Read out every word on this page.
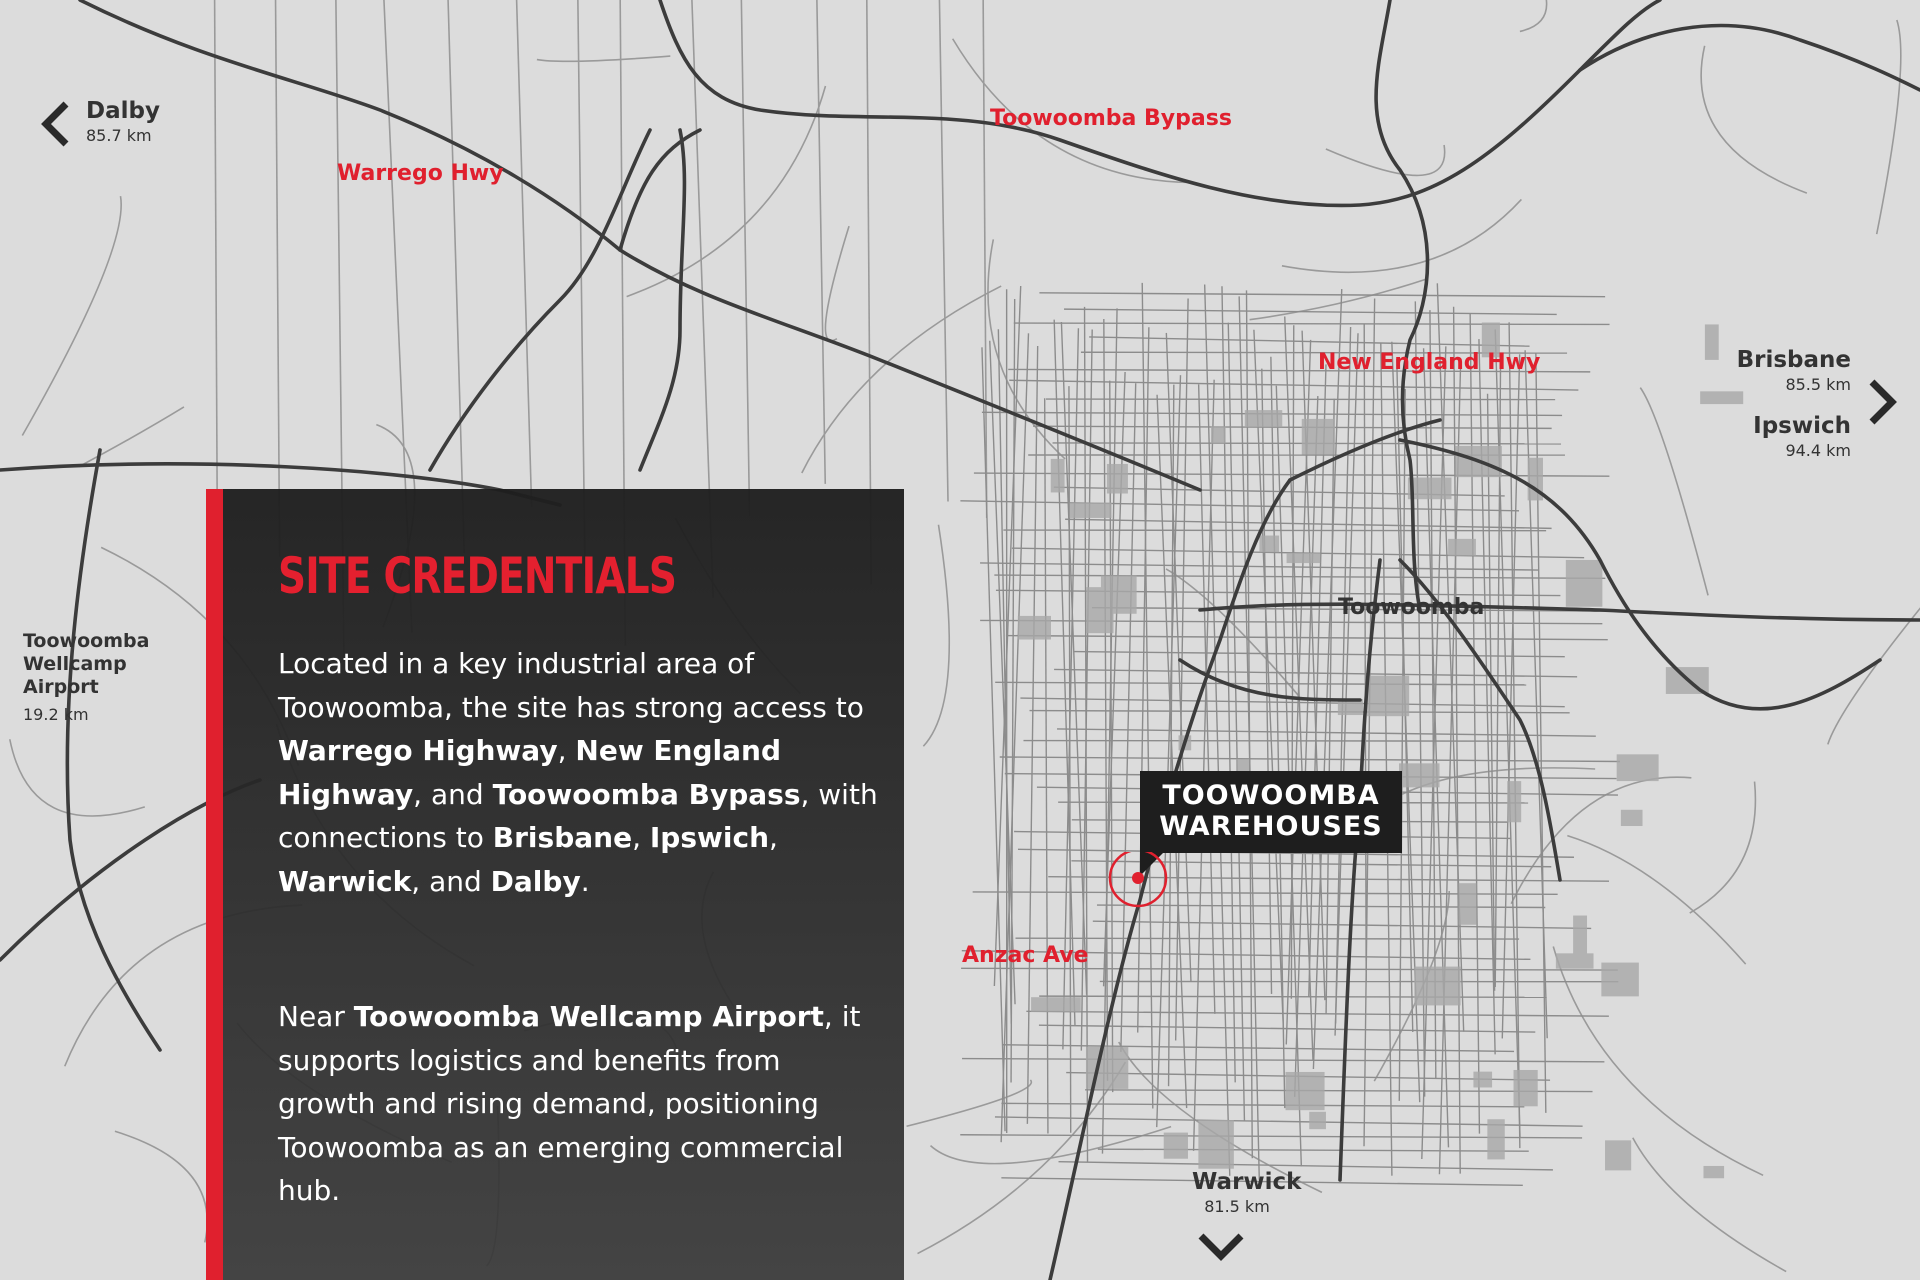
Warrego Hwy
Toowoomba Bypass
New England Hwy
Anzac Ave
Dalby
85.7 km
Brisbane
85.5 km
Ipswich
94.4 km
Warwick
81.5 km
Toowoomba Wellcamp Airport
19.2 km
Toowoomba
TOOWOOMBA
WAREHOUSES
SITE CREDENTIALS
Located in a key industrial area of Toowoomba, the site has strong access to Warrego Highway, New England Highway, and Toowoomba Bypass, with connections to Brisbane, Ipswich, Warwick, and Dalby.
Near Toowoomba Wellcamp Airport, it supports logistics and benefits from growth and rising demand, positioning Toowoomba as an emerging commercial hub.
